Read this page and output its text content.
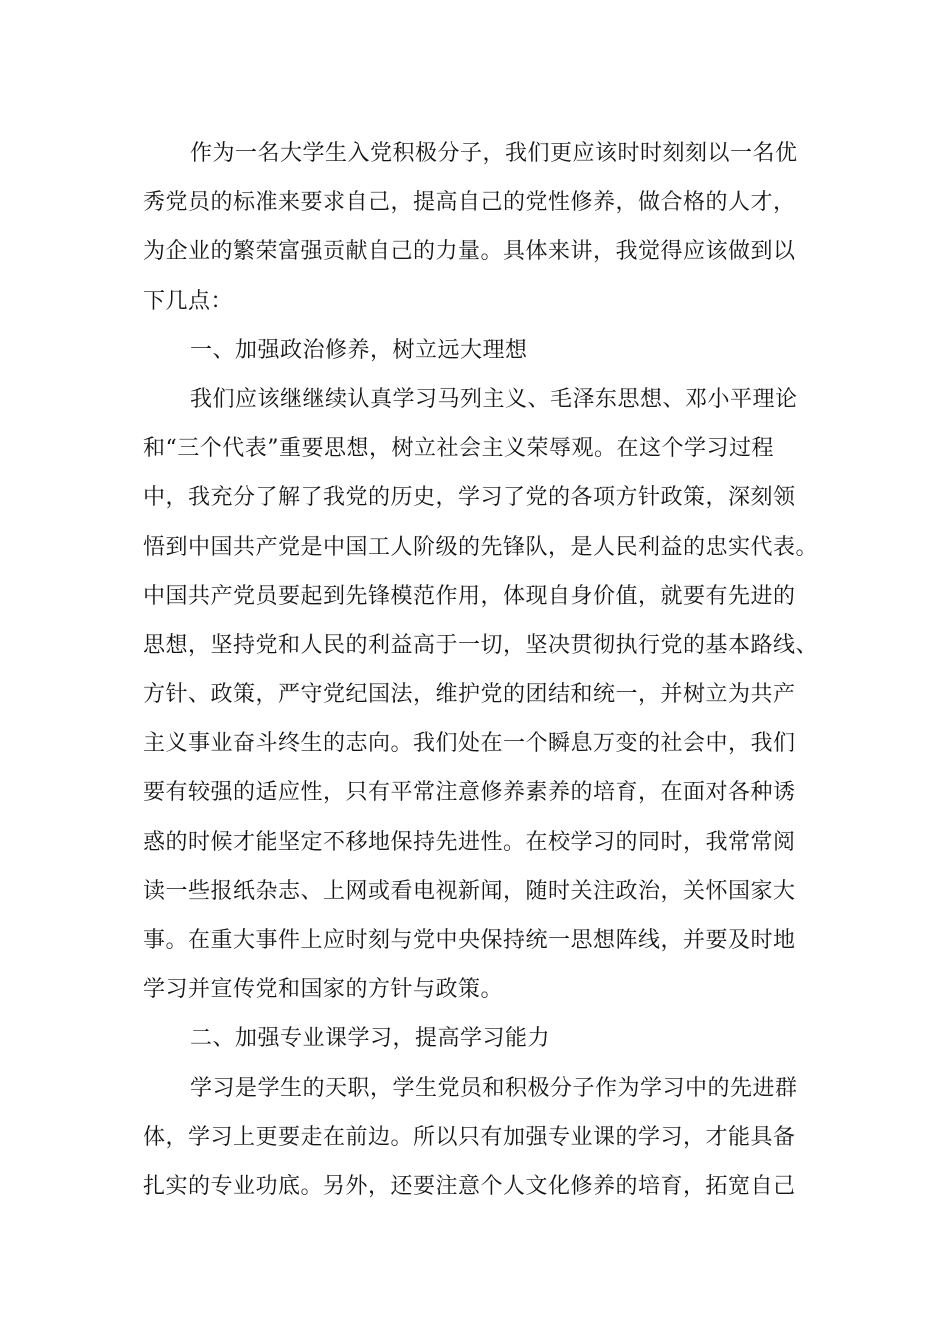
作为一名大学生入党积极分子，我们更应该时时刻刻以一名优
秀党员的标准来要求自己，提高自己的党性修养，做合格的人才，
为企业的繁荣富强贡献自己的力量。具体来讲，我觉得应该做到以
下几点：
一、加强政治修养，树立远大理想
我们应该继继续认真学习马列主义、毛泽东思想、邓小平理论
和“三个代表”重要思想，树立社会主义荣辱观。在这个学习过程
中，我充分了解了我党的历史，学习了党的各项方针政策，深刻领
悟到中国共产党是中国工人阶级的先锋队，是人民利益的忠实代表。
中国共产党员要起到先锋模范作用，体现自身价值，就要有先进的
思想，坚持党和人民的利益高于一切，坚决贯彻执行党的基本路线、
方针、政策，严守党纪国法，维护党的团结和统一，并树立为共产
主义事业奋斗终生的志向。我们处在一个瞬息万变的社会中，我们
要有较强的适应性，只有平常注意修养素养的培育，在面对各种诱
惑的时候才能坚定不移地保持先进性。在校学习的同时，我常常阅
读一些报纸杂志、上网或看电视新闻，随时关注政治，关怀国家大
事。在重大事件上应时刻与党中央保持统一思想阵线，并要及时地
学习并宣传党和国家的方针与政策。
二、加强专业课学习，提高学习能力
学习是学生的天职，学生党员和积极分子作为学习中的先进群
体，学习上更要走在前边。所以只有加强专业课的学习，才能具备
扎实的专业功底。另外，还要注意个人文化修养的培育，拓宽自己
